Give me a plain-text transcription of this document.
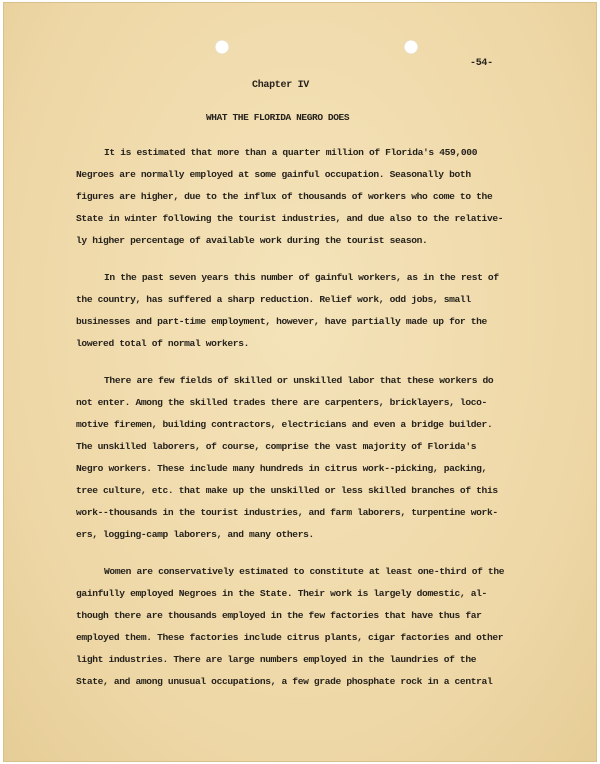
-54-
Chapter IV
WHAT THE FLORIDA NEGRO DOES
It is estimated that more than a quarter million of Florida's 459,000
Negroes are normally employed at some gainful occupation. Seasonally both
figures are higher, due to the influx of thousands of workers who come to the
State in winter following the tourist industries, and due also to the relative-
ly higher percentage of available work during the tourist season.
In the past seven years this number of gainful workers, as in the rest of
the country, has suffered a sharp reduction. Relief work, odd jobs, small
businesses and part-time employment, however, have partially made up for the
lowered total of normal workers.
There are few fields of skilled or unskilled labor that these workers do
not enter. Among the skilled trades there are carpenters, bricklayers, loco-
motive firemen, building contractors, electricians and even a bridge builder.
The unskilled laborers, of course, comprise the vast majority of Florida's
Negro workers. These include many hundreds in citrus work--picking, packing,
tree culture, etc. that make up the unskilled or less skilled branches of this
work--thousands in the tourist industries, and farm laborers, turpentine work-
ers, logging-camp laborers, and many others.
Women are conservatively estimated to constitute at least one-third of the
gainfully employed Negroes in the State. Their work is largely domestic, al-
though there are thousands employed in the few factories that have thus far
employed them. These factories include citrus plants, cigar factories and other
light industries. There are large numbers employed in the laundries of the
State, and among unusual occupations, a few grade phosphate rock in a central
